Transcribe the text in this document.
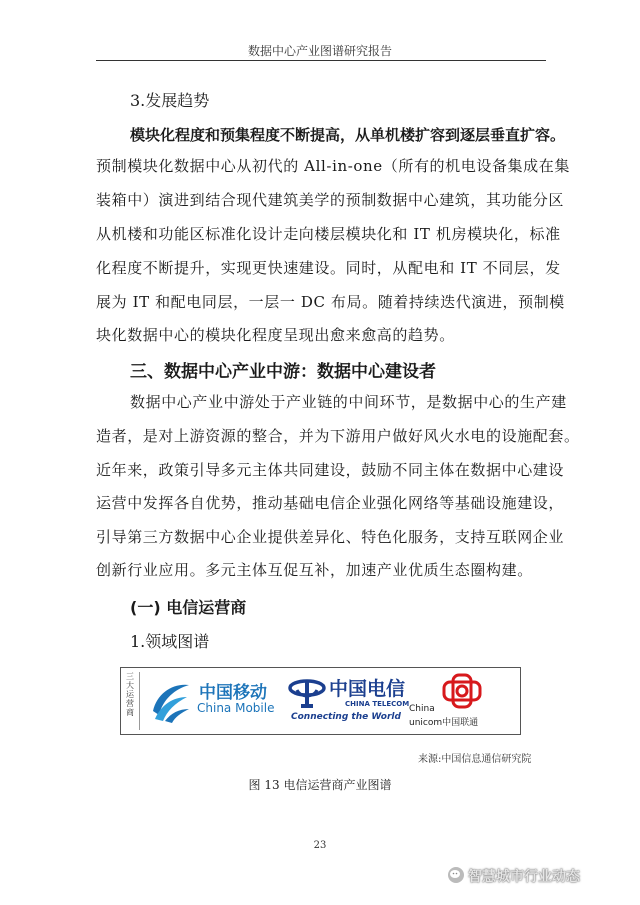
数据中心产业图谱研究报告
3.发展趋势
模块化程度和预集程度不断提高，从单机楼扩容到逐层垂直扩容。
预制模块化数据中心从初代的 All-in-one（所有的机电设备集成在集
装箱中）演进到结合现代建筑美学的预制数据中心建筑，其功能分区
从机楼和功能区标准化设计走向楼层模块化和 IT 机房模块化，标准
化程度不断提升，实现更快速建设。同时，从配电和 IT 不同层，发
展为 IT 和配电同层，一层一 DC 布局。随着持续迭代演进，预制模
块化数据中心的模块化程度呈现出愈来愈高的趋势。
三、数据中心产业中游：数据中心建设者
数据中心产业中游处于产业链的中间环节，是数据中心的生产建
造者，是对上游资源的整合，并为下游用户做好风火水电的设施配套。
近年来，政策引导多元主体共同建设，鼓励不同主体在数据中心建设
运营中发挥各自优势，推动基础电信企业强化网络等基础设施建设，
引导第三方数据中心企业提供差异化、特色化服务，支持互联网企业
创新行业应用。多元主体互促互补，加速产业优质生态圈构建。
(一) 电信运营商
1.领域图谱
三大运营商
中国移动
China Mobile
中国电信
CHINA TELECOM
Connecting the World
China
unicom中国联通
来源:中国信息通信研究院
图 13 电信运营商产业图谱
23
智慧城市行业动态
